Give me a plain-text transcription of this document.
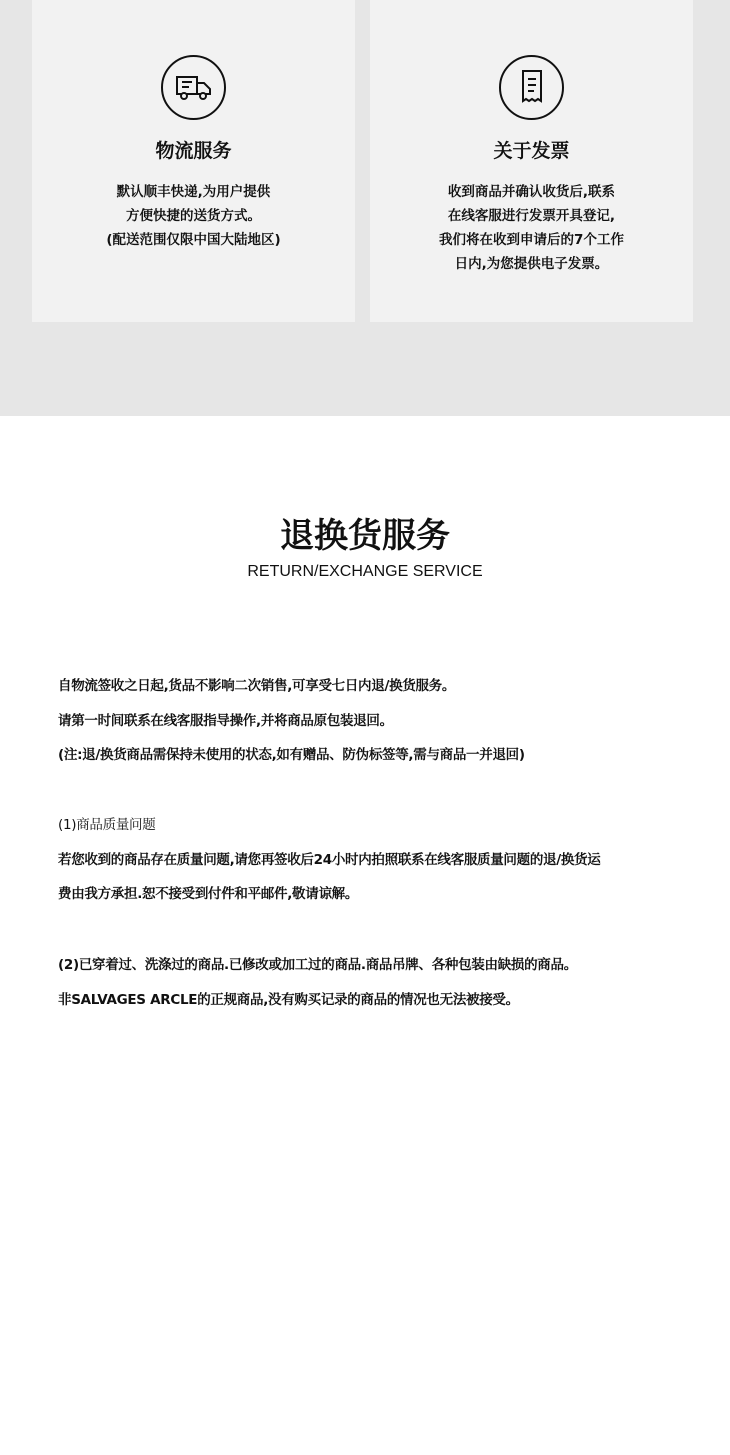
物流服务
默认顺丰快递,为用户提供
方便快捷的送货方式。
(配送范围仅限中国大陆地区)
关于发票
收到商品并确认收货后,联系
在线客服进行发票开具登记,
我们将在收到申请后的7个工作
日内,为您提供电子发票。
退换货服务
RETURN/EXCHANGE SERVICE
自物流签收之日起,货品不影响二次销售,可享受七日内退/换货服务。
请第一时间联系在线客服指导操作,并将商品原包装退回。
(注:退/换货商品需保持未使用的状态,如有赠品、防伪标签等,需与商品一并退回)
(1)商品质量问题
若您收到的商品存在质量问题,请您再签收后24小时内拍照联系在线客服质量问题的退/换货运
费由我方承担.恕不接受到付件和平邮件,敬请谅解。
(2)已穿着过、洗涤过的商品.已修改或加工过的商品.商品吊牌、各种包装由缺损的商品。
非SALVAGES ARCLE的正规商品,没有购买记录的商品的情况也无法被接受。
